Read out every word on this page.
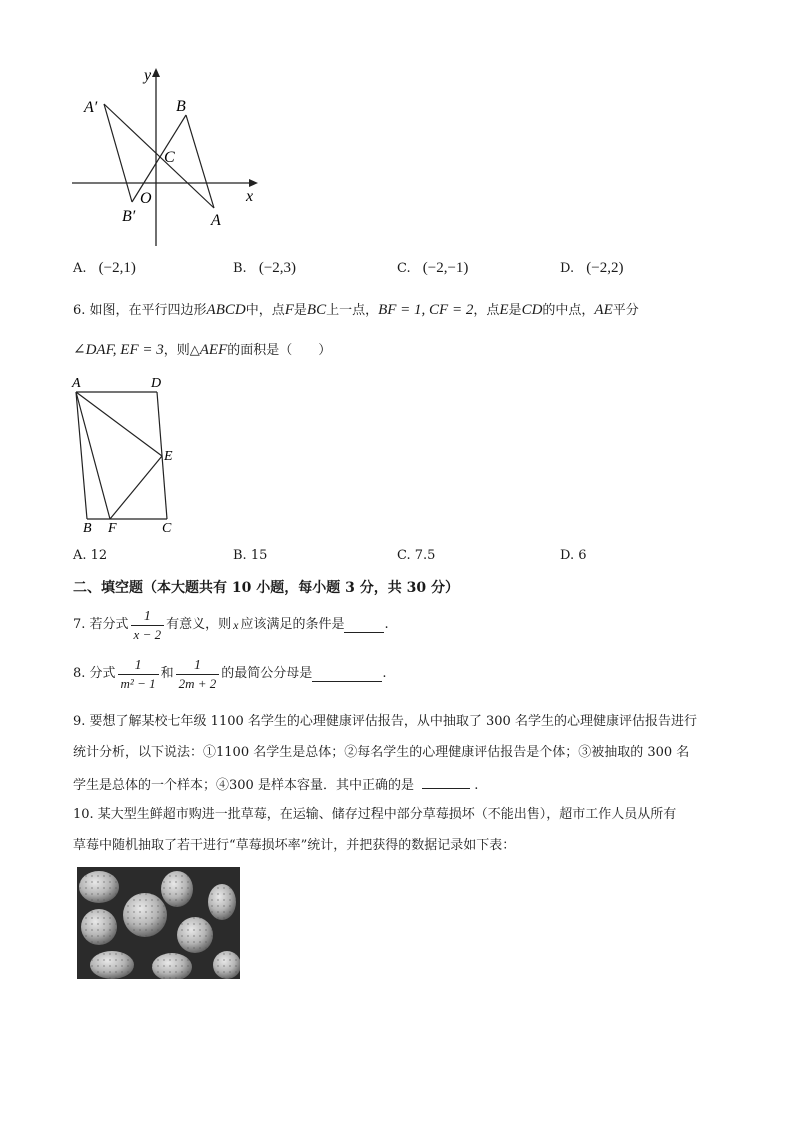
y
x
A′	B
C
O
B′	A
A. (−2,1)	B. (−2,3)	C. (−2,−1)	D. (−2,2)
6. 如图，在平行四边形ABCD中，点F是BC上一点，BF = 1, CF = 2，点E是CD的中点，AE平分
∠DAF, EF = 3，则△AEF的面积是（　　）
A	D
E
B F	C
A. 12	B. 15	C. 7.5	D. 6
二、填空题（本大题共有 10 小题，每小题 3 分，共 30 分）
7. 若分式 $\frac{1}{x - 2}$ 有意义，则 x 应该满足的条件是	.
8. 分式 $\frac{1}{\text{m² − 1}}$ 和 $\frac{1}{2m + 2}$ 的最简公分母是	.
9. 要想了解某校七年级 1100 名学生的心理健康评估报告，从中抽取了 300 名学生的心理健康评估报告进行
统计分析，以下说法：①1100 名学生是总体；②每名学生的心理健康评估报告是个体；③被抽取的 300 名
学生是总体的一个样本；④300 是样本容量．其中正确的是	.
10. 某大型生鲜超市购进一批草莓，在运输、储存过程中部分草莓损坏（不能出售），超市工作人员从所有
草莓中随机抽取了若干进行“草莓损坏率”统计，并把获得的数据记录如下表：
